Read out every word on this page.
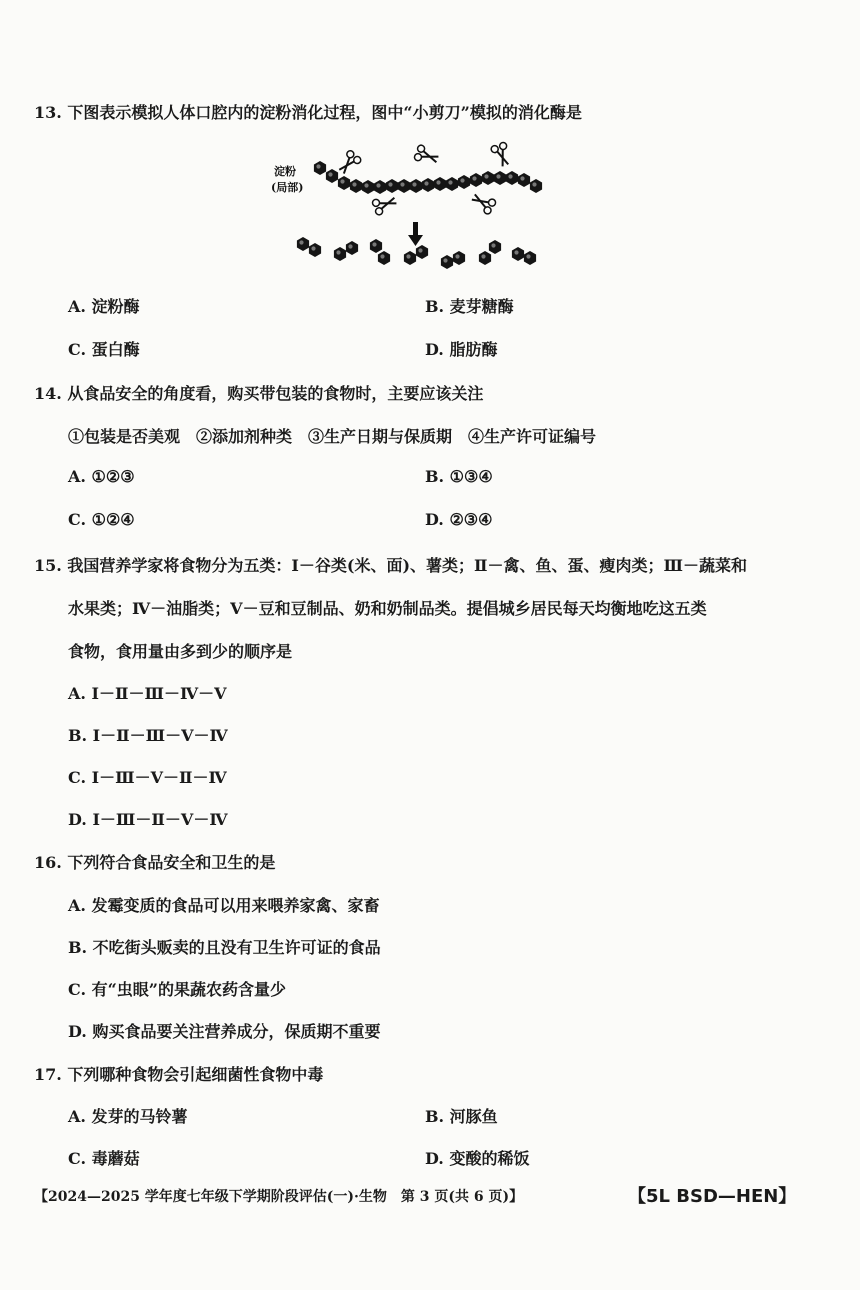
13. 下图表示模拟人体口腔内的淀粉消化过程，图中“小剪刀”模拟的消化酶是
淀粉
(局部)
A. 淀粉酶	B. 麦芽糖酶
C. 蛋白酶	D. 脂肪酶
14. 从食品安全的角度看，购买带包装的食物时，主要应该关注
①包装是否美观　②添加剂种类　③生产日期与保质期　④生产许可证编号
A. ①②③	B. ①③④
C. ①②④	D. ②③④
15. 我国营养学家将食物分为五类：Ⅰ－谷类(米、面)、薯类；Ⅱ－禽、鱼、蛋、瘦肉类；Ⅲ－蔬菜和
水果类；Ⅳ－油脂类；Ⅴ－豆和豆制品、奶和奶制品类。提倡城乡居民每天均衡地吃这五类
食物，食用量由多到少的顺序是
A. Ⅰ－Ⅱ－Ⅲ－Ⅳ－Ⅴ
B. Ⅰ－Ⅱ－Ⅲ－Ⅴ－Ⅳ
C. Ⅰ－Ⅲ－Ⅴ－Ⅱ－Ⅳ
D. Ⅰ－Ⅲ－Ⅱ－Ⅴ－Ⅳ
16. 下列符合食品安全和卫生的是
A. 发霉变质的食品可以用来喂养家禽、家畜
B. 不吃街头贩卖的且没有卫生许可证的食品
C. 有“虫眼”的果蔬农药含量少
D. 购买食品要关注营养成分，保质期不重要
17. 下列哪种食物会引起细菌性食物中毒
A. 发芽的马铃薯	B. 河豚鱼
C. 毒蘑菇	D. 变酸的稀饭
【2024—2025 学年度七年级下学期阶段评估(一)·生物　第 3 页(共 6 页)】	【5L BSD—HEN】
